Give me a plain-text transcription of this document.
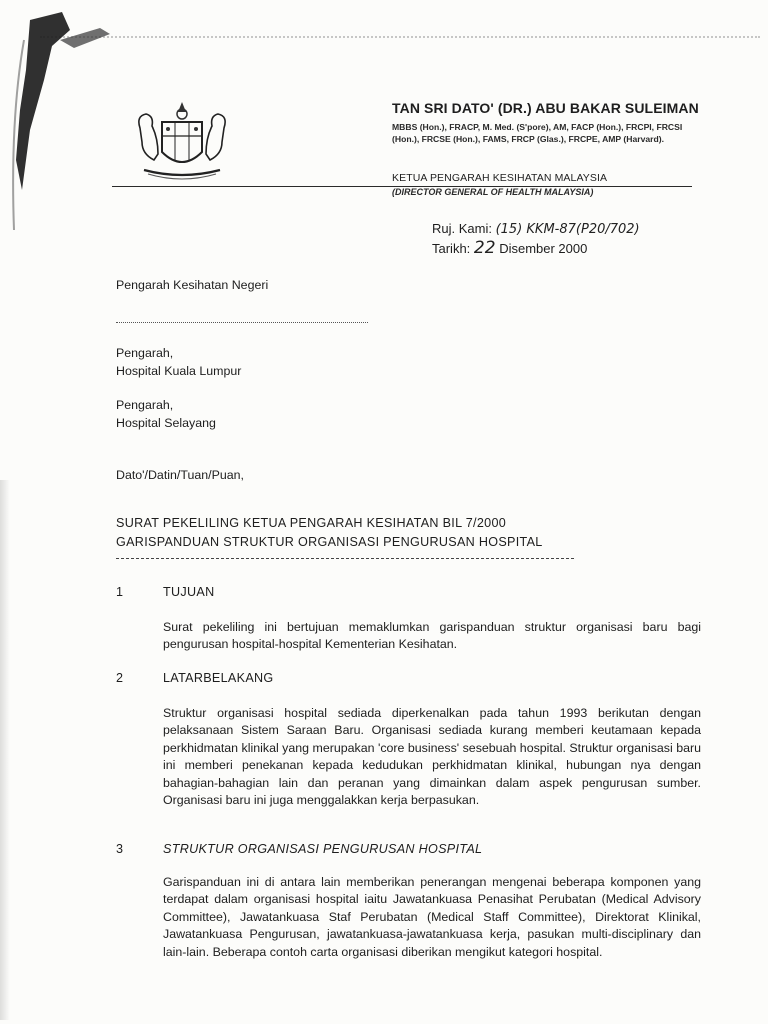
TAN SRI DATO' (DR.) ABU BAKAR SULEIMAN
MBBS (Hon.), FRACP, M. Med. (S'pore), AM, FACP (Hon.), FRCPI, FRCSI (Hon.), FRCSE (Hon.), FAMS, FRCP (Glas.), FRCPE, AMP (Harvard).
KETUA PENGARAH KESIHATAN MALAYSIA
(DIRECTOR GENERAL OF HEALTH MALAYSIA)
Ruj. Kami: (15) KKM-87(P20/702)
Tarikh: 22 Disember 2000
Pengarah Kesihatan Negeri
Pengarah,
Hospital Kuala Lumpur
Pengarah,
Hospital Selayang
Dato'/Datin/Tuan/Puan,
SURAT PEKELILING KETUA PENGARAH KESIHATAN BIL 7/2000
GARISPANDUAN STRUKTUR ORGANISASI PENGURUSAN HOSPITAL
1	TUJUAN
Surat pekeliling ini bertujuan memaklumkan garispanduan struktur organisasi baru bagi pengurusan hospital-hospital Kementerian Kesihatan.
2	LATARBELAKANG
Struktur organisasi hospital sediada diperkenalkan pada tahun 1993 berikutan dengan pelaksanaan Sistem Saraan Baru. Organisasi sediada kurang memberi keutamaan kepada perkhidmatan klinikal yang merupakan 'core business' sesebuah hospital. Struktur organisasi baru ini memberi penekanan kepada kedudukan perkhidmatan klinikal, hubungan nya dengan bahagian-bahagian lain dan peranan yang dimainkan dalam aspek pengurusan sumber. Organisasi baru ini juga menggalakkan kerja berpasukan.
3	STRUKTUR ORGANISASI PENGURUSAN HOSPITAL
Garispanduan ini di antara lain memberikan penerangan mengenai beberapa komponen yang terdapat dalam organisasi hospital iaitu Jawatankuasa Penasihat Perubatan (Medical Advisory Committee), Jawatankuasa Staf Perubatan (Medical Staff Committee), Direktorat Klinikal, Jawatankuasa Pengurusan, jawatankuasa-jawatankuasa kerja, pasukan multi-disciplinary dan lain-lain. Beberapa contoh carta organisasi diberikan mengikut kategori hospital.
